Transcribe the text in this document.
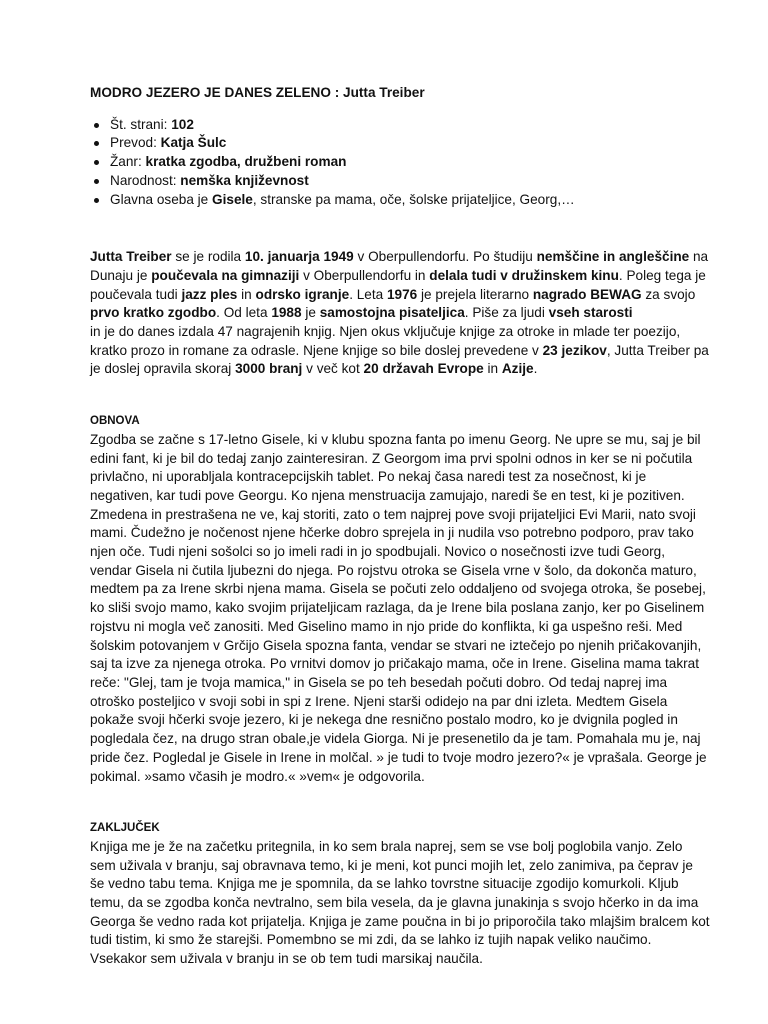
MODRO JEZERO JE DANES ZELENO : Jutta Treiber

Št. strani: 102
Prevod: Katja Šulc
Žanr: kratka zgodba, družbeni roman
Narodnost: nemška književnost
Glavna oseba je Gisele, stranske pa mama, oče, šolske prijateljice, Georg,…

Jutta Treiber se je rodila 10. januarja 1949 v Oberpullendorfu. Po študiju nemščine in angleščine na Dunaju je poučevala na gimnaziji v Oberpullendorfu in delala tudi v družinskem kinu. Poleg tega je poučevala tudi jazz ples in odrsko igranje. Leta 1976 je prejela literarno nagrado BEWAG za svojo prvo kratko zgodbo. Od leta 1988 je samostojna pisateljica. Piše za ljudi vseh starosti
in je do danes izdala 47 nagrajenih knjig. Njen okus vključuje knjige za otroke in mlade ter poezijo, kratko prozo in romane za odrasle. Njene knjige so bile doslej prevedene v 23 jezikov, Jutta Treiber pa je doslej opravila skoraj 3000 branj v več kot 20 državah Evrope in Azije.

OBNOVA

Zgodba se začne s 17-letno Gisele, ki v klubu spozna fanta po imenu Georg. Ne upre se mu, saj je bil edini fant, ki je bil do tedaj zanjo zainteresiran. Z Georgom ima prvi spolni odnos in ker se ni počutila privlačno, ni uporabljala kontracepcijskih tablet. Po nekaj časa naredi test za nosečnost, ki je negativen, kar tudi pove Georgu. Ko njena menstruacija zamujajo, naredi še en test, ki je pozitiven. Zmedena in prestrašena ne ve, kaj storiti, zato o tem najprej pove svoji prijateljici Evi Marii, nato svoji mami. Čudežno je nočenost njene hčerke dobro sprejela in ji nudila vso potrebno podporo, prav tako njen oče. Tudi njeni sošolci so jo imeli radi in jo spodbujali. Novico o nosečnosti izve tudi Georg, vendar Gisela ni čutila ljubezni do njega. Po rojstvu otroka se Gisela vrne v šolo, da dokonča maturo, medtem pa za Irene skrbi njena mama. Gisela se počuti zelo oddaljeno od svojega otroka, še posebej, ko sliši svojo mamo, kako svojim prijateljicam razlaga, da je Irene bila poslana zanjo, ker po Giselinem rojstvu ni mogla več zanositi. Med Giselino mamo in njo pride do konflikta, ki ga uspešno reši. Med šolskim potovanjem v Grčijo Gisela spozna fanta, vendar se stvari ne iztečejo po njenih pričakovanjih, saj ta izve za njenega otroka. Po vrnitvi domov jo pričakajo mama, oče in Irene. Giselina mama takrat reče: "Glej, tam je tvoja mamica," in Gisela se po teh besedah počuti dobro. Od tedaj naprej ima otroško posteljico v svoji sobi in spi z Irene. Njeni starši odidejo na par dni izleta. Medtem Gisela pokaže svoji hčerki svoje jezero, ki je nekega dne resnično postalo modro, ko je dvignila pogled in pogledala čez, na drugo stran obale,je videla Giorga. Ni je presenetilo da je tam. Pomahala mu je, naj pride čez. Pogledal je Gisele in Irene in molčal. » je tudi to tvoje modro jezero?« je vprašala. George je pokimal. »samo včasih je modro.« »vem« je odgovorila.

ZAKLJUČEK

Knjiga me je že na začetku pritegnila, in ko sem brala naprej, sem se vse bolj poglobila vanjo. Zelo sem uživala v branju, saj obravnava temo, ki je meni, kot punci mojih let, zelo zanimiva, pa čeprav je še vedno tabu tema. Knjiga me je spomnila, da se lahko tovrstne situacije zgodijo komurkoli. Kljub temu, da se zgodba konča nevtralno, sem bila vesela, da je glavna junakinja s svojo hčerko in da ima Georga še vedno rada kot prijatelja. Knjiga je zame poučna in bi jo priporočila tako mlajšim bralcem kot tudi tistim, ki smo že starejši. Pomembno se mi zdi, da se lahko iz tujih napak veliko naučimo. Vsekakor sem uživala v branju in se ob tem tudi marsikaj naučila.
